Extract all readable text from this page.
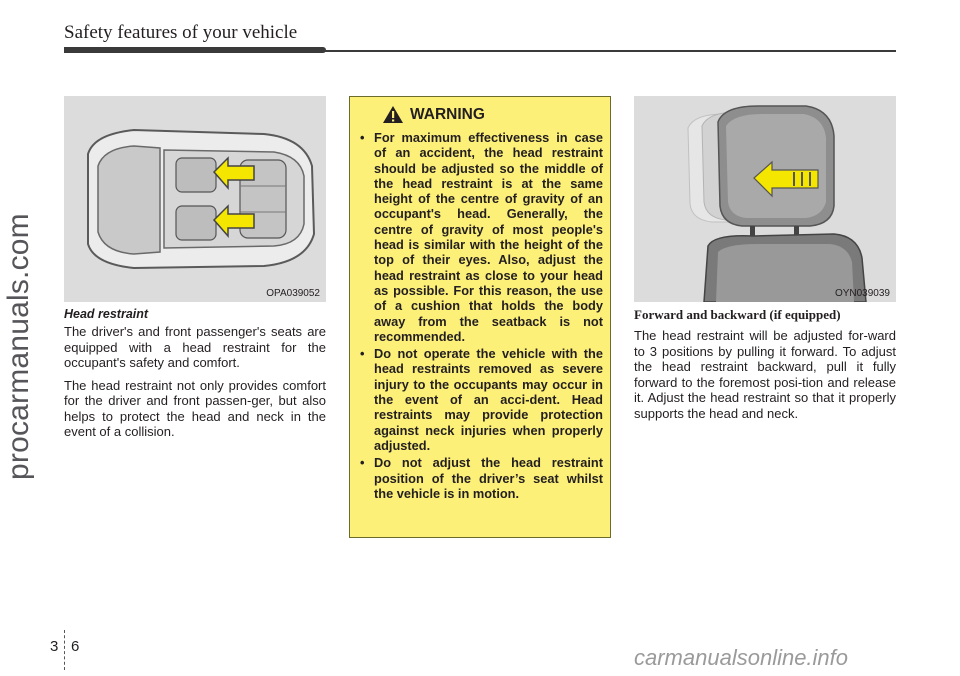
Safety features of your vehicle
procarmanuals.com	OPA039052
Head restraint

The driver's and front passenger's seats are equipped with a head restraint for the occupant's safety and comfort.

The head restraint not only provides comfort for the driver and front passen-ger, but also helps to protect the head and neck in the event of a collision.

WARNING
• For maximum effectiveness in case of an accident, the head restraint should be adjusted so the middle of the head restraint is at the same height of the centre of gravity of an occupant's head. Generally, the centre of gravity of most people's head is similar with the height of the top of their eyes. Also, adjust the head restraint as close to your head as possible. For this reason, the use of a cushion that holds the body away from the seatback is not recommended.
• Do not operate the vehicle with the head restraints removed as severe injury to the occupants may occur in the event of an acci-dent. Head restraints may provide protection against neck injuries when properly adjusted.
• Do not adjust the head restraint position of the driver’s seat whilst the vehicle is in motion.
OYN039039
Forward and backward (if equipped)

The head restraint will be adjusted for-ward to 3 positions by pulling it forward. To adjust the head restraint backward, pull it fully forward to the foremost posi-tion and release it. Adjust the head restraint so that it properly supports the head and neck.

3 6	carmanualsonline.info
